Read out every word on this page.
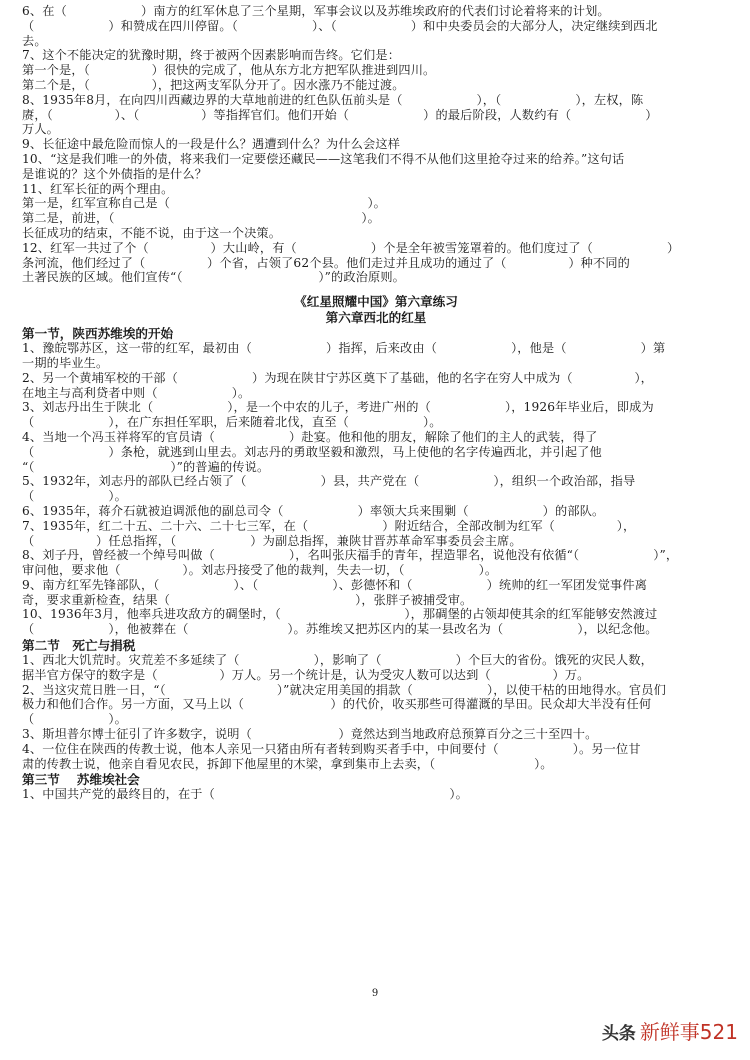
6、在（　　　　　　）南方的红军休息了三个星期，军事会议以及苏维埃政府的代表们讨论着将来的计划。
（　　　　　　）和赞成在四川停留。（　　　　　　）、（　　　　　　）和中央委员会的大部分人，决定继续到西北
去。
7、这个不能决定的犹豫时期，终于被两个因素影响而告终。它们是：
第一个是，（　　　　　）很快的完成了，他从东方北方把军队推进到四川。
第二个是，（　　　　　），把这两支军队分开了。因水涨乃不能过渡。
8、1935年8月，在向四川西藏边界的大草地前进的红色队伍前头是（　　　　　　），（　　　　　　），左权，陈
赓，（　　　　　）、（　　　　　）等指挥官们。他们开始（　　　　　　）的最后阶段，人数约有（　　　　　　）
万人。
9、长征途中最危险而惊人的一段是什么？遇遭到什么？为什么会这样
10、“这是我们唯一的外债，将来我们一定要偿还藏民——这笔我们不得不从他们这里抢夺过来的给养。”这句话
是谁说的？这个外债指的是什么？
11、红军长征的两个理由。
第一是，红军宣称自己是（　　　　　　　　　　　　　　　　）。
第二是，前进，（　　　　　　　　　　　　　　　　　　　　）。
长征成功的结束，不能不说，由于这一个决策。
12、红军一共过了个（　　　　　）大山岭，有（　　　　　　）个是全年被雪笼罩着的。他们度过了（　　　　　　）
条河流，他们经过了（　　　　　）个省，占领了62个县。他们走过并且成功的通过了（　　　　　）种不同的
土著民族的区域。他们宣传“（　　　　　　　　　　　）”的政治原则。
《红星照耀中国》第六章练习
第六章西北的红星
第一节，陕西苏维埃的开始
1、豫皖鄂苏区，这一带的红军，最初由（　　　　　　）指挥，后来改由（　　　　　　），他是（　　　　　　）第
一期的毕业生。
2、另一个黄埔军校的干部（　　　　　　）为现在陕甘宁苏区奠下了基础，他的名字在穷人中成为（　　　　　），
在地主与高利贷者中则（　　　　　　）。
3、刘志丹出生于陕北（　　　　　　），是一个中农的儿子，考进广州的（　　　　　　），1926年毕业后，即成为
（　　　　　　），在广东担任军职，后来随着北伐，直至（　　　　　　）。
4、当地一个冯玉祥将军的官员请（　　　　　　）赴宴。他和他的朋友，解除了他们的主人的武装，得了
（　　　　　　）条枪，就逃到山里去。刘志丹的勇敢坚毅和激烈，马上使他的名字传遍西北，并引起了他
“（　　　　　　　　　　　）”的普遍的传说。
5、1932年，刘志丹的部队已经占领了（　　　　　　）县，共产党在（　　　　　　），组织一个政治部，指导
（　　　　　　）。
6、1935年，蒋介石就被迫调派他的副总司令（　　　　　　）率领大兵来围剿（　　　　　　）的部队。
7、1935年，红二十五、二十六、二十七三军，在（　　　　　　）附近结合，全部改制为红军（　　　　　），
（　　　　　）任总指挥，（　　　　　　）为副总指挥，兼陕甘晋苏革命军事委员会主席。
8、刘子丹，曾经被一个绰号叫做（　　　　　　），名叫张庆福手的青年，捏造罪名，说他没有依循“（　　　　　　）”，
审问他，要求他（　　　　　）。刘志丹接受了他的裁判，失去一切，（　　　　　　）。
9、南方红军先锋部队，（　　　　　　）、（　　　　　　）、彭德怀和（　　　　　　）统帅的红一军团发觉事件离
奇，要求重新检查，结果（　　　　　　　　　　　　　　　），张胖子被捕受审。
10、1936年3月，他率兵进攻敌方的碉堡时，（　　　　　　　　　　），那碉堡的占领却使其余的红军能够安然渡过
（　　　　　　），他被葬在（　　　　　　　　）。苏维埃又把苏区内的某一县改名为（　　　　　　），以纪念他。
第二节　死亡与捐税
1、西北大饥荒时。灾荒差不多延续了（　　　　　　），影响了（　　　　　　）个巨大的省份。饿死的灾民人数，
据半官方保守的数字是（　　　　　）万人。另一个统计是，认为受灾人数可以达到（　　　　　）万。
2、当这灾荒日胜一日，“（　　　　　　　　　）”就决定用美国的捐款（　　　　　　），以使干枯的田地得水。官员们
极力和他们合作。另一方面，又马上以（　　　　　　　）的代价，收买那些可得灌溉的旱田。民众却大半没有任何
（　　　　　　）。
3、斯坦普尔博士征引了许多数字，说明（　　　　　　　）竟然达到当地政府总预算百分之三十至四十。
4、一位住在陕西的传教士说，他本人亲见一只猪由所有者转到购买者手中，中间要付（　　　　　　）。另一位甘
肃的传教士说，他亲自看见农民，拆卸下他屋里的木梁，拿到集市上去卖，（　　　　　　　　）。
第三节　 苏维埃社会
1、中国共产党的最终目的，在于（　　　　　　　　　　　　　　　　　　　）。
9
头条 新鲜事521
